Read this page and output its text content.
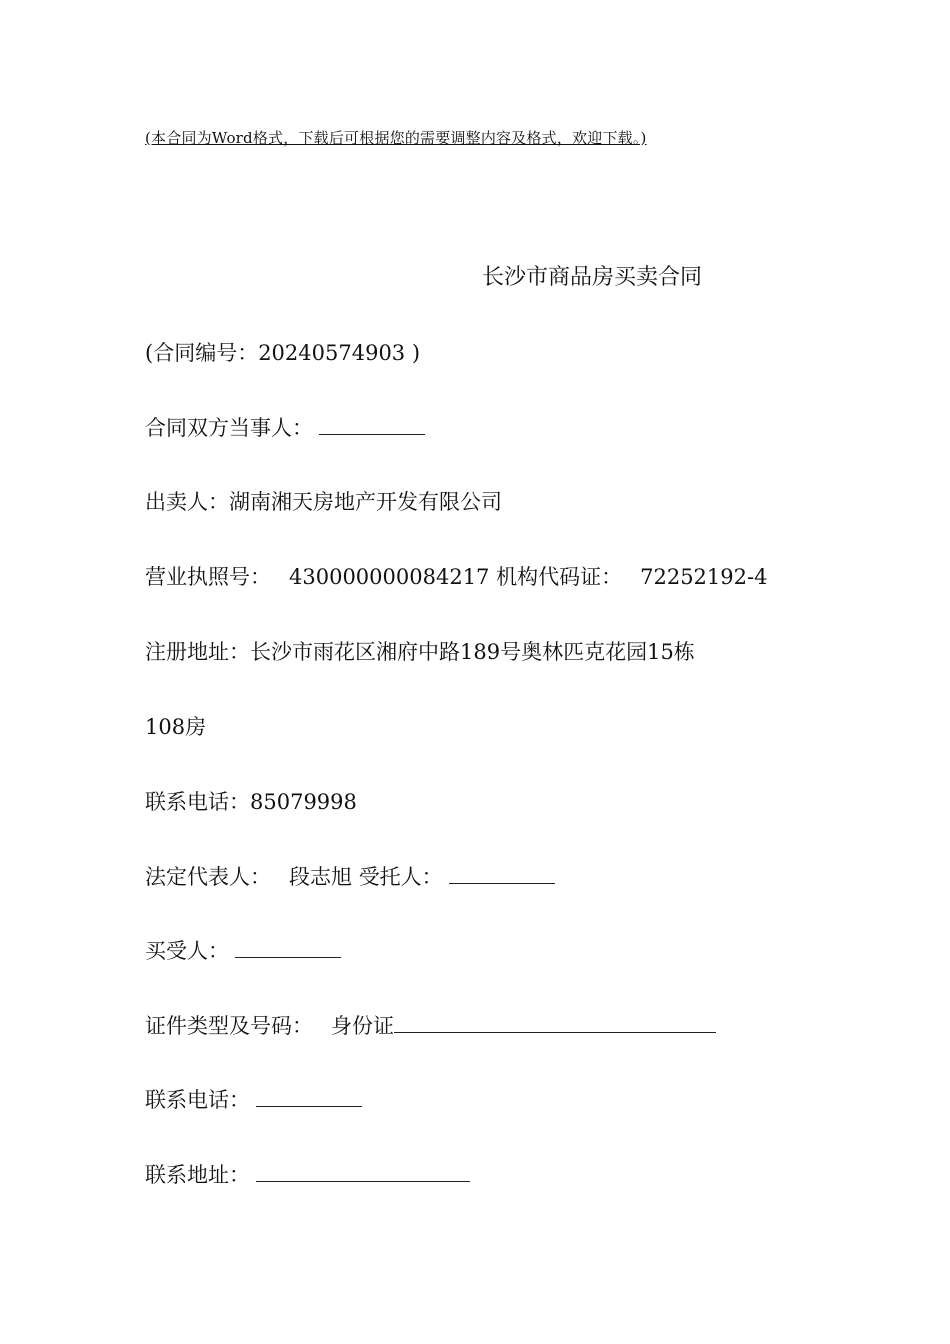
(本合同为Word格式，下载后可根据您的需要调整内容及格式，欢迎下载。)
长沙市商品房买卖合同
(合同编号：20240574903 )
合同双方当事人：
出卖人：湖南湘天房地产开发有限公司
营业执照号： 430000000084217 机构代码证： 72252192-4
注册地址：长沙市雨花区湘府中路189号奥林匹克花园15栋
108房
联系电话：85079998
法定代表人： 段志旭 受托人：
买受人：
证件类型及号码： 身份证
联系电话：
联系地址：
